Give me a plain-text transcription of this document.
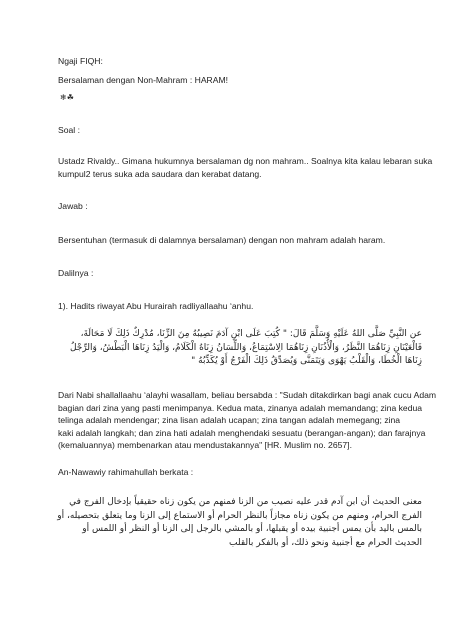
Ngaji FIQH:
Bersalaman dengan Non-Mahram : HARAM!
❄☘
Soal :
Ustadz Rivaldy.. Gimana hukumnya bersalaman dg non mahram.. Soalnya kita kalau lebaran suka
kumpul2 terus suka ada saudara dan kerabat datang.
Jawab :
Bersentuhan (termasuk di dalamnya bersalaman) dengan non mahram adalah haram.
Dalilnya :
1). Hadits riwayat Abu Hurairah radliyallaahu ‘anhu.
عن النَّبِيِّ صَلَّى اللهُ عَلَيْهِ وَسَلَّمَ قَالَ: " كُتِبَ عَلَى ابْنِ آدَمَ نَصِيبُهُ مِنَ الزِّنَا، مُدْرِكٌ ذَلِكَ لَا مَحَالَةَ،
فَالْعَيْنَانِ زِنَاهُمَا النَّظَرُ، وَالْأُذُنَانِ زِنَاهُمَا الِاسْتِمَاعُ، وَاللِّسَانُ زِنَاهُ الْكَلَامُ، وَالْيَدُ زِنَاهَا الْبَطْشُ، وَالرِّجْلُ
زِنَاهَا الْخُطَا، وَالْقَلْبُ يَهْوَى وَيَتَمَنَّى وَيُصَدِّقُ ذَلِكَ الْفَرْجُ أَوْ يُكَذِّبُهُ "
Dari Nabi shallallaahu ‘alayhi wasallam, beliau bersabda : "Sudah ditakdirkan bagi anak cucu Adam
bagian dari zina yang pasti menimpanya. Kedua mata, zinanya adalah memandang; zina kedua
telinga adalah mendengar; zina lisan adalah ucapan; zina tangan adalah memegang; zina
kaki adalah langkah; dan zina hati adalah menghendaki sesuatu (berangan-angan); dan farajnya
(kemaluannya) membenarkan atau mendustakannya" [HR. Muslim no. 2657].
An-Nawawiy rahimahullah berkata :
معنى الحديث أن ابن آدم قدر عليه نصيب من الزنا فمنهم من يكون زناه حقيقياً بإدخال الفرج في
الفرج الحرام، ومنهم من يكون زناه مجازاً بالنظر الحرام أو الاستماع إلى الزنا وما يتعلق بتحصيله، أو
بالمس باليد بأن يمس أجنبية بيده أو يقبلها، أو بالمشي بالرجل إلى الزنا أو النظر أو اللمس أو
الحديث الحرام مع أجنبية ونحو ذلك، أو بالفكر بالقلب
